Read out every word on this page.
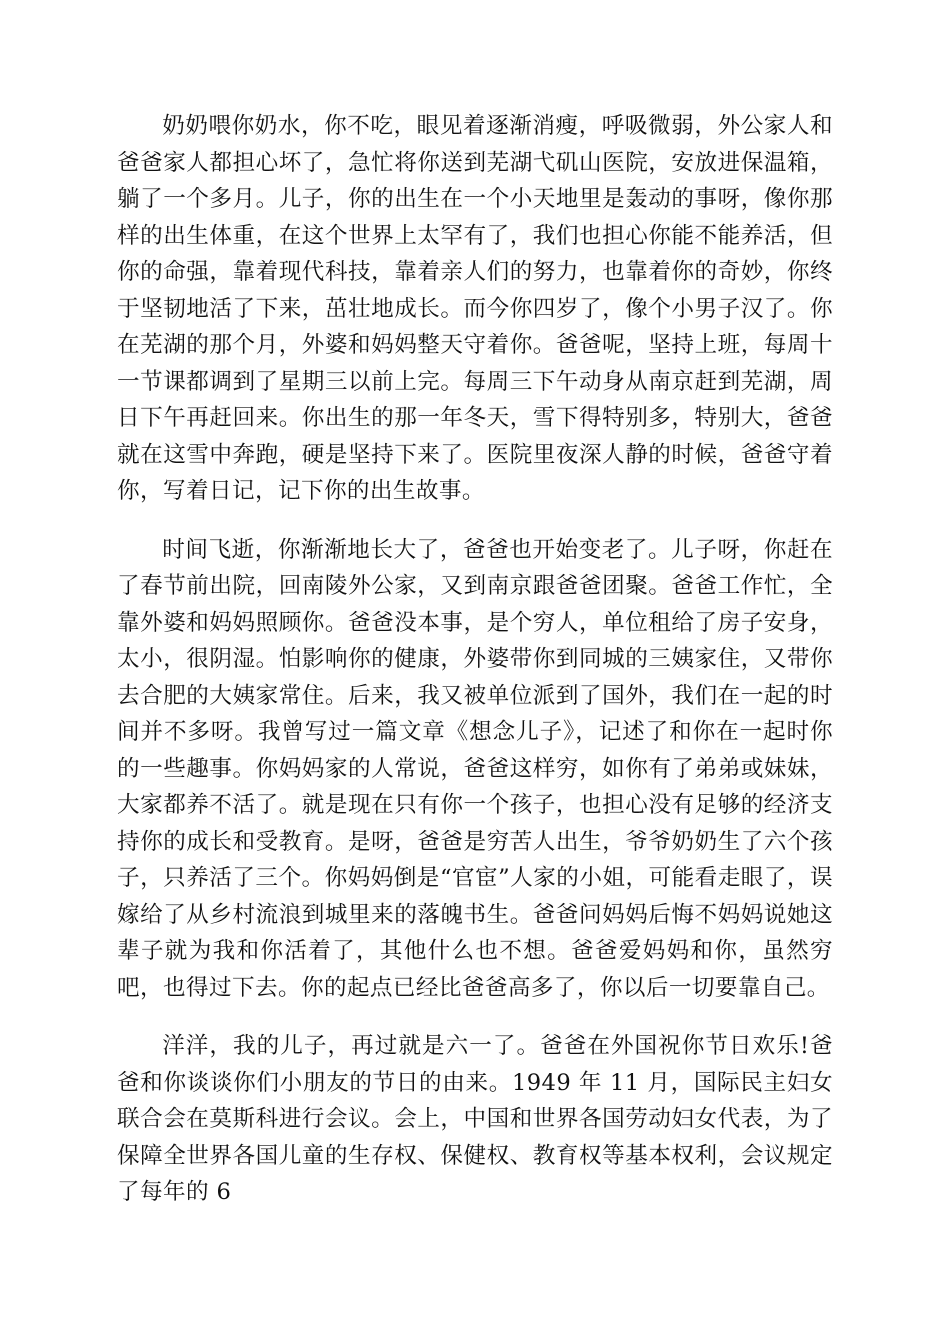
奶奶喂你奶水，你不吃，眼见着逐渐消瘦，呼吸微弱，外公家人和爸爸家人都担心坏了，急忙将你送到芜湖弋矶山医院，安放进保温箱，躺了一个多月。儿子，你的出生在一个小天地里是轰动的事呀，像你那样的出生体重，在这个世界上太罕有了，我们也担心你能不能养活，但你的命强，靠着现代科技，靠着亲人们的努力，也靠着你的奇妙，你终于坚韧地活了下来，茁壮地成长。而今你四岁了，像个小男子汉了。你在芜湖的那个月，外婆和妈妈整天守着你。爸爸呢，坚持上班，每周十一节课都调到了星期三以前上完。每周三下午动身从南京赶到芜湖，周日下午再赶回来。你出生的那一年冬天，雪下得特别多，特别大，爸爸就在这雪中奔跑，硬是坚持下来了。医院里夜深人静的时候，爸爸守着你，写着日记，记下你的出生故事。

时间飞逝，你渐渐地长大了，爸爸也开始变老了。儿子呀，你赶在了春节前出院，回南陵外公家，又到南京跟爸爸团聚。爸爸工作忙，全靠外婆和妈妈照顾你。爸爸没本事，是个穷人，单位租给了房子安身，太小，很阴湿。怕影响你的健康，外婆带你到同城的三姨家住，又带你去合肥的大姨家常住。后来，我又被单位派到了国外，我们在一起的时间并不多呀。我曾写过一篇文章《想念儿子》，记述了和你在一起时你的一些趣事。你妈妈家的人常说，爸爸这样穷，如你有了弟弟或妹妹，大家都养不活了。就是现在只有你一个孩子，也担心没有足够的经济支持你的成长和受教育。是呀，爸爸是穷苦人出生，爷爷奶奶生了六个孩子，只养活了三个。你妈妈倒是“官宦”人家的小姐，可能看走眼了，误嫁给了从乡村流浪到城里来的落魄书生。爸爸问妈妈后悔不妈妈说她这辈子就为我和你活着了，其他什么也不想。爸爸爱妈妈和你，虽然穷吧，也得过下去。你的起点已经比爸爸高多了，你以后一切要靠自己。

洋洋，我的儿子，再过就是六一了。爸爸在外国祝你节日欢乐!爸爸和你谈谈你们小朋友的节日的由来。1949 年 11 月，国际民主妇女联合会在莫斯科进行会议。会上，中国和世界各国劳动妇女代表，为了保障全世界各国儿童的生存权、保健权、教育权等基本权利，会议规定了每年的 6
